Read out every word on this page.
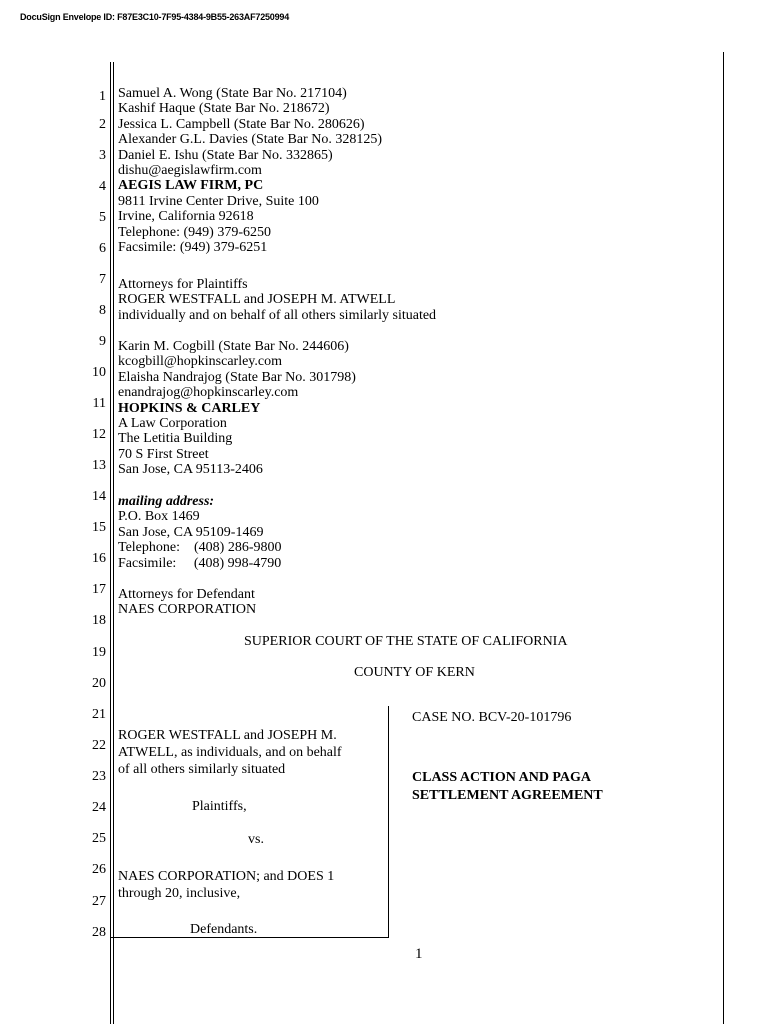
DocuSign Envelope ID: F87E3C10-7F95-4384-9B55-263AF7250994
1
2
3
4
5
6
7
8
9
10
11
12
13
14
15
16
17
18
19
20
21
22
23
24
25
26
27
28
Samuel A. Wong (State Bar No. 217104)
Kashif Haque (State Bar No. 218672)
Jessica L. Campbell (State Bar No. 280626)
Alexander G.L. Davies (State Bar No. 328125)
Daniel E. Ishu (State Bar No. 332865)
dishu@aegislawfirm.com
AEGIS LAW FIRM, PC
9811 Irvine Center Drive, Suite 100
Irvine, California 92618
Telephone: (949) 379-6250
Facsimile: (949) 379-6251
Attorneys for Plaintiffs
ROGER WESTFALL and JOSEPH M. ATWELL
individually and on behalf of all others similarly situated
Karin M. Cogbill (State Bar No. 244606)
kcogbill@hopkinscarley.com
Elaisha Nandrajog (State Bar No. 301798)
enandrajog@hopkinscarley.com
HOPKINS & CARLEY
A Law Corporation
The Letitia Building
70 S First Street
San Jose, CA 95113-2406
mailing address:
P.O. Box 1469
San Jose, CA 95109-1469
Telephone:    (408) 286-9800
Facsimile:     (408) 998-4790
Attorneys for Defendant
NAES CORPORATION
SUPERIOR COURT OF THE STATE OF CALIFORNIA
COUNTY OF KERN
ROGER WESTFALL and JOSEPH M.
ATWELL, as individuals, and on behalf
of all others similarly situated
Plaintiffs,
vs.
NAES CORPORATION; and DOES 1
through 20, inclusive,
Defendants.
CASE NO. BCV-20-101796
CLASS ACTION AND PAGA
SETTLEMENT AGREEMENT
1
